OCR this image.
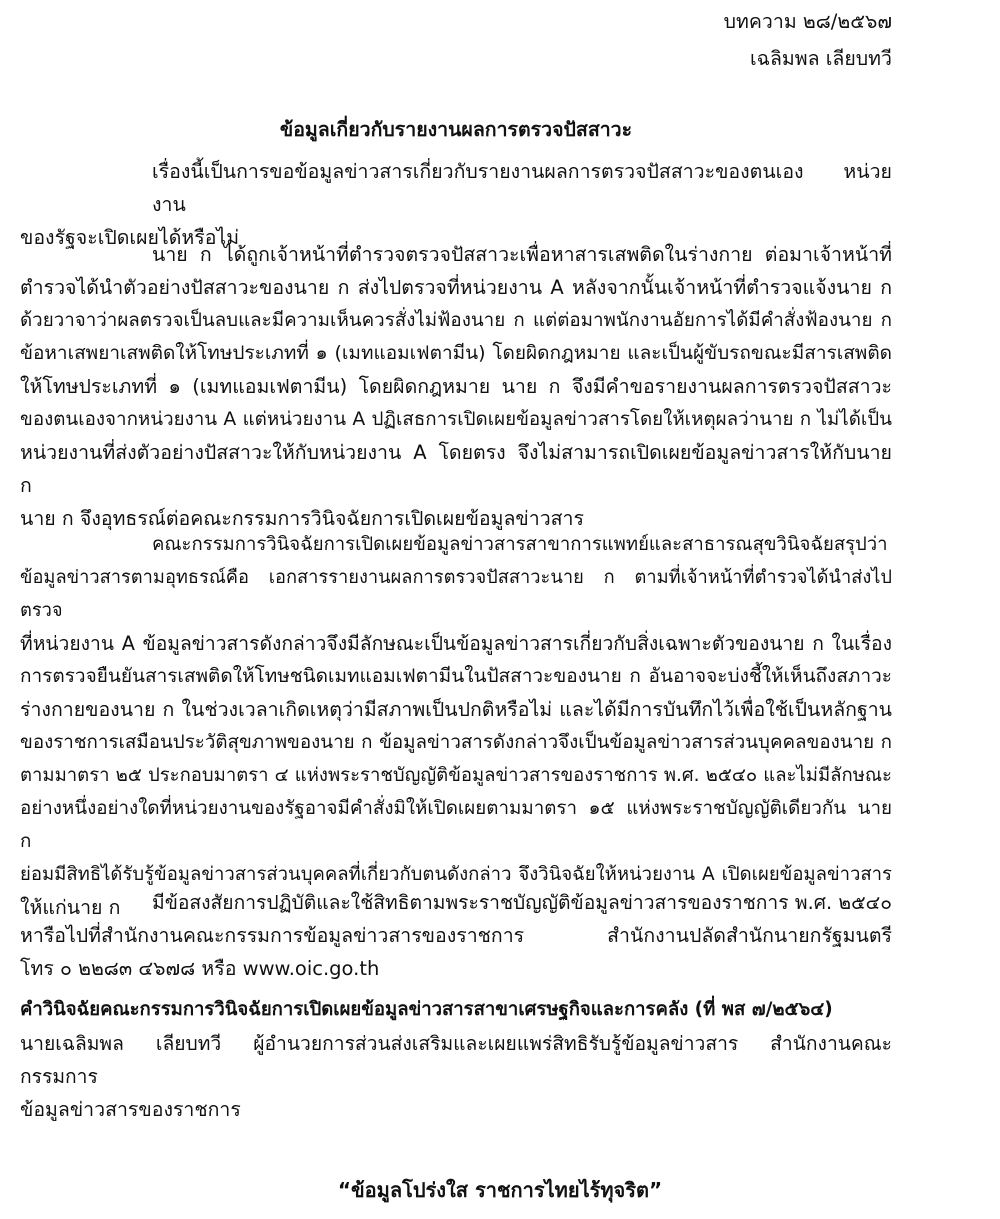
บทความ ๒๘/๒๕๖๗
เฉลิมพล เลียบทวี
ข้อมูลเกี่ยวกับรายงานผลการตรวจปัสสาวะ
เรื่องนี้เป็นการขอข้อมูลข่าวสารเกี่ยวกับรายงานผลการตรวจปัสสาวะของตนเอง หน่วยงาน
ของรัฐจะเปิดเผยได้หรือไม่
นาย ก ได้ถูกเจ้าหน้าที่ตำรวจตรวจปัสสาวะเพื่อหาสารเสพติดในร่างกาย ต่อมาเจ้าหน้าที่
ตำรวจได้นำตัวอย่างปัสสาวะของนาย ก ส่งไปตรวจที่หน่วยงาน A หลังจากนั้นเจ้าหน้าที่ตำรวจแจ้งนาย ก
ด้วยวาจาว่าผลตรวจเป็นลบและมีความเห็นควรสั่งไม่ฟ้องนาย ก แต่ต่อมาพนักงานอัยการได้มีคำสั่งฟ้องนาย ก
ข้อหาเสพยาเสพติดให้โทษประเภทที่ ๑ (เมทแอมเฟตามีน) โดยผิดกฎหมาย และเป็นผู้ขับรถขณะมีสารเสพติด
ให้โทษประเภทที่ ๑ (เมทแอมเฟตามีน) โดยผิดกฎหมาย นาย ก จึงมีคำขอรายงานผลการตรวจปัสสาวะ
ของตนเองจากหน่วยงาน A แต่หน่วยงาน A ปฏิเสธการเปิดเผยข้อมูลข่าวสารโดยให้เหตุผลว่านาย ก ไม่ได้เป็น
หน่วยงานที่ส่งตัวอย่างปัสสาวะให้กับหน่วยงาน A โดยตรง จึงไม่สามารถเปิดเผยข้อมูลข่าวสารให้กับนาย ก
นาย ก จึงอุทธรณ์ต่อคณะกรรมการวินิจฉัยการเปิดเผยข้อมูลข่าวสาร
คณะกรรมการวินิจฉัยการเปิดเผยข้อมูลข่าวสารสาขาการแพทย์และสาธารณสุขวินิจฉัยสรุปว่า
ข้อมูลข่าวสารตามอุทธรณ์คือ เอกสารรายงานผลการตรวจปัสสาวะนาย ก ตามที่เจ้าหน้าที่ตำรวจได้นำส่งไปตรวจ
ที่หน่วยงาน A ข้อมูลข่าวสารดังกล่าวจึงมีลักษณะเป็นข้อมูลข่าวสารเกี่ยวกับสิ่งเฉพาะตัวของนาย ก ในเรื่อง
การตรวจยืนยันสารเสพติดให้โทษชนิดเมทแอมเฟตามีนในปัสสาวะของนาย ก อันอาจจะบ่งชี้ให้เห็นถึงสภาวะ
ร่างกายของนาย ก ในช่วงเวลาเกิดเหตุว่ามีสภาพเป็นปกติหรือไม่ และได้มีการบันทึกไว้เพื่อใช้เป็นหลักฐาน
ของราชการเสมือนประวัติสุขภาพของนาย ก ข้อมูลข่าวสารดังกล่าวจึงเป็นข้อมูลข่าวสารส่วนบุคคลของนาย ก
ตามมาตรา ๒๕ ประกอบมาตรา ๔ แห่งพระราชบัญญัติข้อมูลข่าวสารของราชการ พ.ศ. ๒๕๔๐ และไม่มีลักษณะ
อย่างหนึ่งอย่างใดที่หน่วยงานของรัฐอาจมีคำสั่งมิให้เปิดเผยตามมาตรา ๑๕ แห่งพระราชบัญญัติเดียวกัน นาย ก
ย่อมมีสิทธิได้รับรู้ข้อมูลข่าวสารส่วนบุคคลที่เกี่ยวกับตนดังกล่าว จึงวินิจฉัยให้หน่วยงาน A เปิดเผยข้อมูลข่าวสาร
ให้แก่นาย ก	มีข้อสงสัยการปฏิบัติและใช้สิทธิตามพระราชบัญญัติข้อมูลข่าวสารของราชการ พ.ศ. ๒๕๔๐
หารือไปที่สำนักงานคณะกรรมการข้อมูลข่าวสารของราชการ สำนักงานปลัดสำนักนายกรัฐมนตรี
โทร ๐ ๒๒๘๓ ๔๖๗๘ หรือ www.oic.go.th
คำวินิจฉัยคณะกรรมการวินิจฉัยการเปิดเผยข้อมูลข่าวสารสาขาเศรษฐกิจและการคลัง (ที่ พส ๗/๒๕๖๔)
นายเฉลิมพล เลียบทวี ผู้อำนวยการส่วนส่งเสริมและเผยแพร่สิทธิรับรู้ข้อมูลข่าวสาร สำนักงานคณะกรรมการ
ข้อมูลข่าวสารของราชการ
“ข้อมูลโปร่งใส ราชการไทยไร้ทุจริต”
